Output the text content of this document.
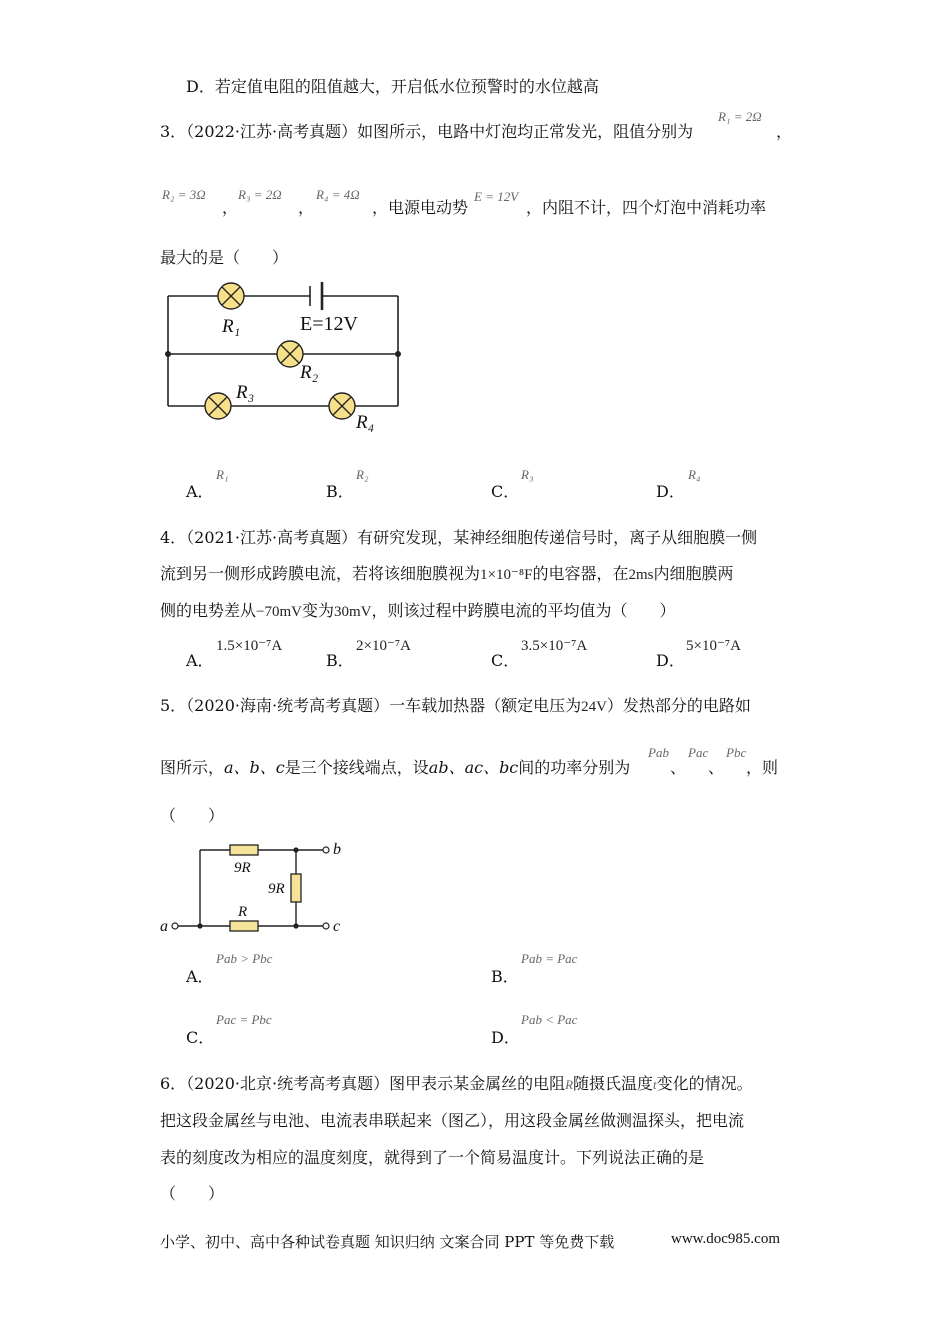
D．若定值电阻的阻值越大，开启低水位预警时的水位越高
3．（2022·江苏·高考真题）如图所示，电路中灯泡均正常发光，阻值分别为
R₁ = 2Ω
，
R₂ = 3Ω
，
R₃ = 2Ω
，
R₄ = 4Ω
，电源电动势
E = 12V
，内阻不计，四个灯泡中消耗功率
最大的是（　　）
R₁	E=12V
R₂
R₃
R₄
A．
R₁
B．
R₂
C．
R₃
D．
R₄
4．（2021·江苏·高考真题）有研究发现，某神经细胞传递信号时，离子从细胞膜一侧
流到另一侧形成跨膜电流，若将该细胞膜视为1×10⁻⁸F的电容器，在2ms内细胞膜两
侧的电势差从−70mV变为30mV，则该过程中跨膜电流的平均值为（　　）
A．
1.5×10⁻⁷A
B．
2×10⁻⁷A
C．
3.5×10⁻⁷A
D．
5×10⁻⁷A
5．（2020·海南·统考高考真题）一车载加热器（额定电压为24V）发热部分的电路如
图所示，a、b、c是三个接线端点，设ab、ac、bc间的功率分别为
Pab
、
Pac
、
Pbc
，则
（　　）
9R
9R
R
a
b
c
A．
Pab > Pbc
B．
Pab = Pac
C．
Pac = Pbc
D．
Pab < Pac
6．（2020·北京·统考高考真题）图甲表示某金属丝的电阻R随摄氏温度t变化的情况。
把这段金属丝与电池、电流表串联起来（图乙），用这段金属丝做测温探头，把电流
表的刻度改为相应的温度刻度，就得到了一个简易温度计。下列说法正确的是
（　　）
小学、初中、高中各种试卷真题 知识归纳 文案合同 PPT 等免费下载	www.doc985.com
